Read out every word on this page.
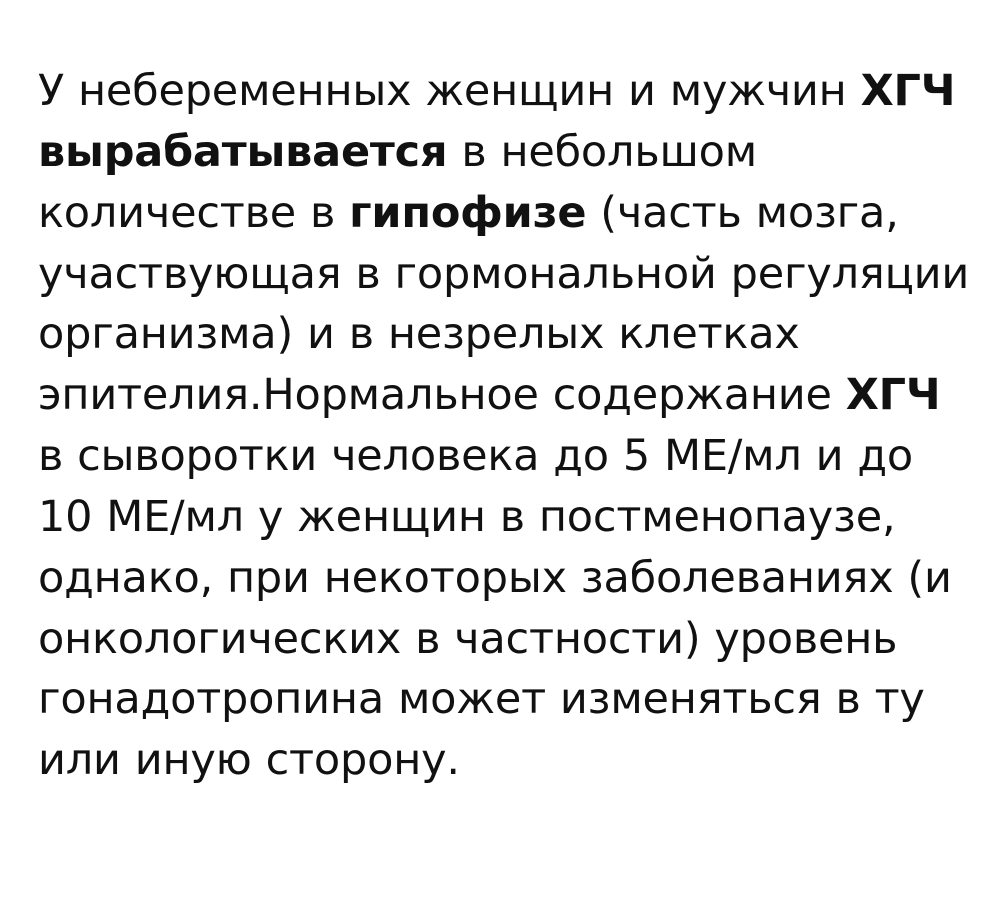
У небеременных женщин и мужчин ХГЧ вырабатывается в небольшом количестве в гипофизе (часть мозга, участвующая в гормональной регуляции организма) и в незрелых клетках эпителия.Нормальное содержание ХГЧ в сыворотки человека до 5 МЕ/мл и до 10 МЕ/мл у женщин в постменопаузе, однако, при некоторых заболеваниях (и онкологических в частности) уровень гонадотропина может изменяться в ту или иную сторону.
